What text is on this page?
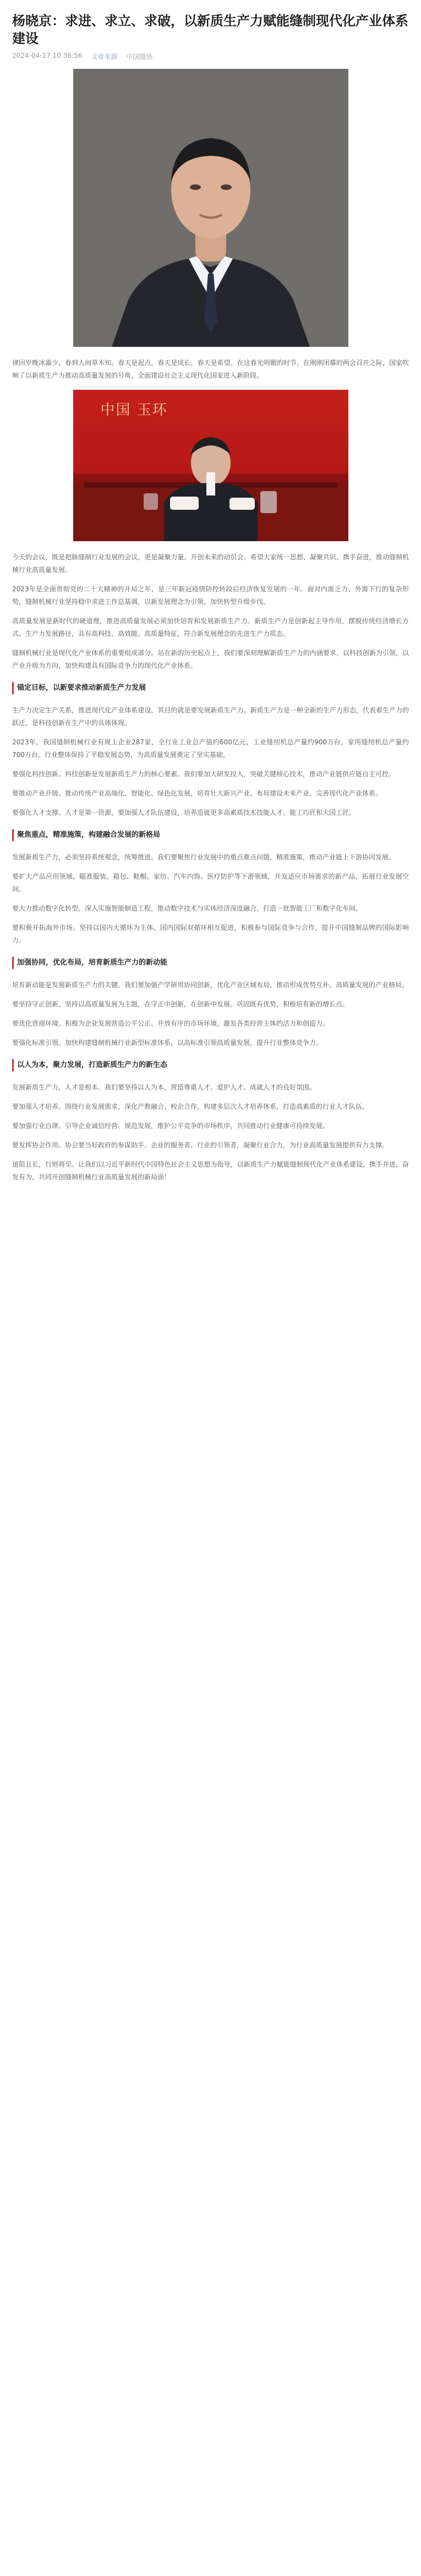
杨晓京：求进、求立、求破，以新质生产力赋能缝制现代化产业体系建设
2024-04-17 10:36:56 文章来源 中国缝协

律回岁晚冰霜少，春到人间草木知。春天是起点，春天是成长，春天是希望。在这春光明媚的时节，在刚刚闭幕的两会召开之际，国家吹响了以新质生产力推动高质量发展的号角，全面建设社会主义现代化国家进入新阶段。

中国 玉环

今天的会议，既是把脉缝制行业发展的会议，更是凝聚力量、开创未来的动员会。希望大家统一思想、凝聚共识、携手奋进，推动缝制机械行业高质量发展。

2023年是全面贯彻党的二十大精神的开局之年，是三年新冠疫情防控转段后经济恢复发展的一年。面对内需乏力、外需下行的复杂形势，缝制机械行业坚持稳中求进工作总基调，以新发展理念为引领，加快转型升级步伐。

高质量发展是新时代的硬道理，推进高质量发展必须加快培育和发展新质生产力。新质生产力是创新起主导作用，摆脱传统经济增长方式、生产力发展路径，具有高科技、高效能、高质量特征，符合新发展理念的先进生产力质态。

缝制机械行业是现代化产业体系的重要组成部分。站在新的历史起点上，我们要深刻理解新质生产力的内涵要求，以科技创新为引领，以产业升级为方向，加快构建具有国际竞争力的现代化产业体系。

锚定目标，以新要求推动新质生产力发展

生产力决定生产关系，推进现代化产业体系建设，其目的就是要发展新质生产力。新质生产力是一种全新的生产力形态，代表着生产力的跃迁，是科技创新在生产中的具体体现。

2023年，我国缝制机械行业有规上企业287家，全行业工业总产值约600亿元，工业缝纫机总产量约900万台，家用缝纫机总产量约700万台。行业整体保持了平稳发展态势，为高质量发展奠定了坚实基础。

要强化科技创新。科技创新是发展新质生产力的核心要素。我们要加大研发投入，突破关键核心技术，推动产业链供应链自主可控。

要推动产业升级。推动传统产业高端化、智能化、绿色化发展，培育壮大新兴产业，布局建设未来产业，完善现代化产业体系。

要强化人才支撑。人才是第一资源，要加强人才队伍建设，培养造就更多高素质技术技能人才、能工巧匠和大国工匠。

聚焦重点，精准施策，构建融合发展的新格局

发展新质生产力，必须坚持系统观念，统筹推进。我们要聚焦行业发展中的重点难点问题，精准施策，推动产业链上下游协同发展。

要扩大产品应用领域。瞄准服装、箱包、鞋帽、家纺、汽车内饰、医疗防护等下游领域，开发适应市场需求的新产品，拓展行业发展空间。

要大力推动数字化转型。深入实施智能制造工程，推动数字技术与实体经济深度融合，打造一批智能工厂和数字化车间。

要积极开拓海外市场。坚持以国内大循环为主体、国内国际双循环相互促进，积极参与国际竞争与合作，提升中国缝制品牌的国际影响力。

加强协同，优化布局，培育新质生产力的新动能

培育新动能是发展新质生产力的关键。我们要加强产学研用协同创新，优化产业区域布局，推动形成优势互补、高质量发展的产业格局。

要坚持守正创新。坚持以高质量发展为主题，在守正中创新，在创新中发展。巩固既有优势，积极培育新的增长点。

要优化营商环境。积极为企业发展营造公平公正、开放有序的市场环境，激发各类经营主体的活力和创造力。

要强化标准引领。加快构建缝制机械行业新型标准体系，以高标准引领高质量发展，提升行业整体竞争力。

以人为本，聚力发展，打造新质生产力的新生态

发展新质生产力，人才是根本。我们要坚持以人为本，营造尊重人才、爱护人才、成就人才的良好氛围。

要加强人才培养。围绕行业发展需求，深化产教融合、校企合作，构建多层次人才培养体系，打造高素质的行业人才队伍。

要加强行业自律。引导企业诚信经营、规范发展，维护公平竞争的市场秩序，共同推动行业健康可持续发展。

要发挥协会作用。协会要当好政府的参谋助手、企业的服务者、行业的引领者，凝聚行业合力，为行业高质量发展提供有力支撑。

道阻且长，行则将至。让我们以习近平新时代中国特色社会主义思想为指导，以新质生产力赋能缝制现代化产业体系建设，携手并进，奋发有为，共同开创缝制机械行业高质量发展的新局面！
